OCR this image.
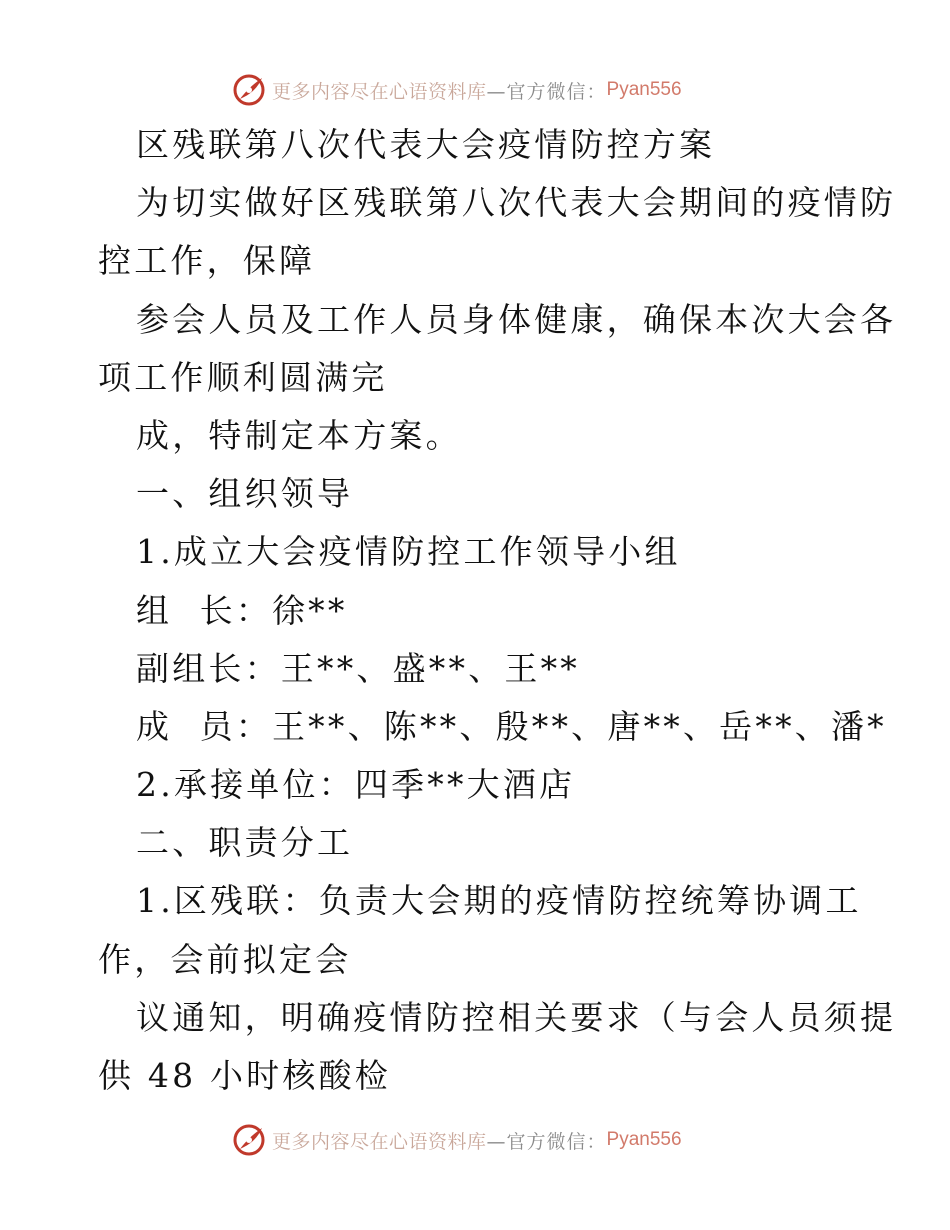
更多内容尽在心语资料库 —官方微信： Pyan556
区残联第八次代表大会疫情防控方案
为切实做好区残联第八次代表大会期间的疫情防
控工作，保障
参会人员及工作人员身体健康，确保本次大会各
项工作顺利圆满完
成，特制定本方案。
一、组织领导
1.成立大会疫情防控工作领导小组
组  长：徐**
副组长：王**、盛**、王**
成  员：王**、陈**、殷**、唐**、岳**、潘*
2.承接单位：四季**大酒店
二、职责分工
1.区残联：负责大会期的疫情防控统筹协调工
作，会前拟定会
议通知，明确疫情防控相关要求（与会人员须提
供 48 小时核酸检
更多内容尽在心语资料库 —官方微信： Pyan556
